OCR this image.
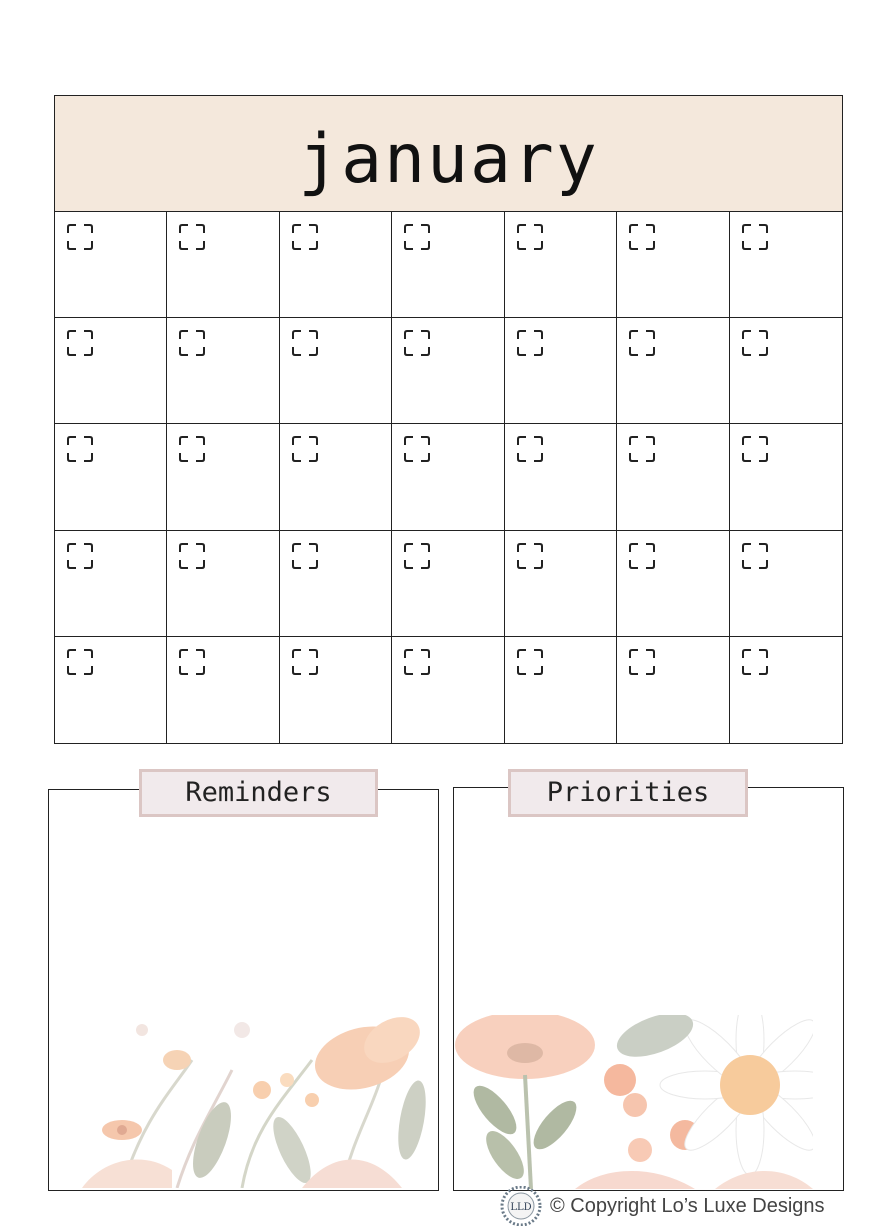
january
Reminders	Priorities
LLD © Copyright Lo’s Luxe Designs
